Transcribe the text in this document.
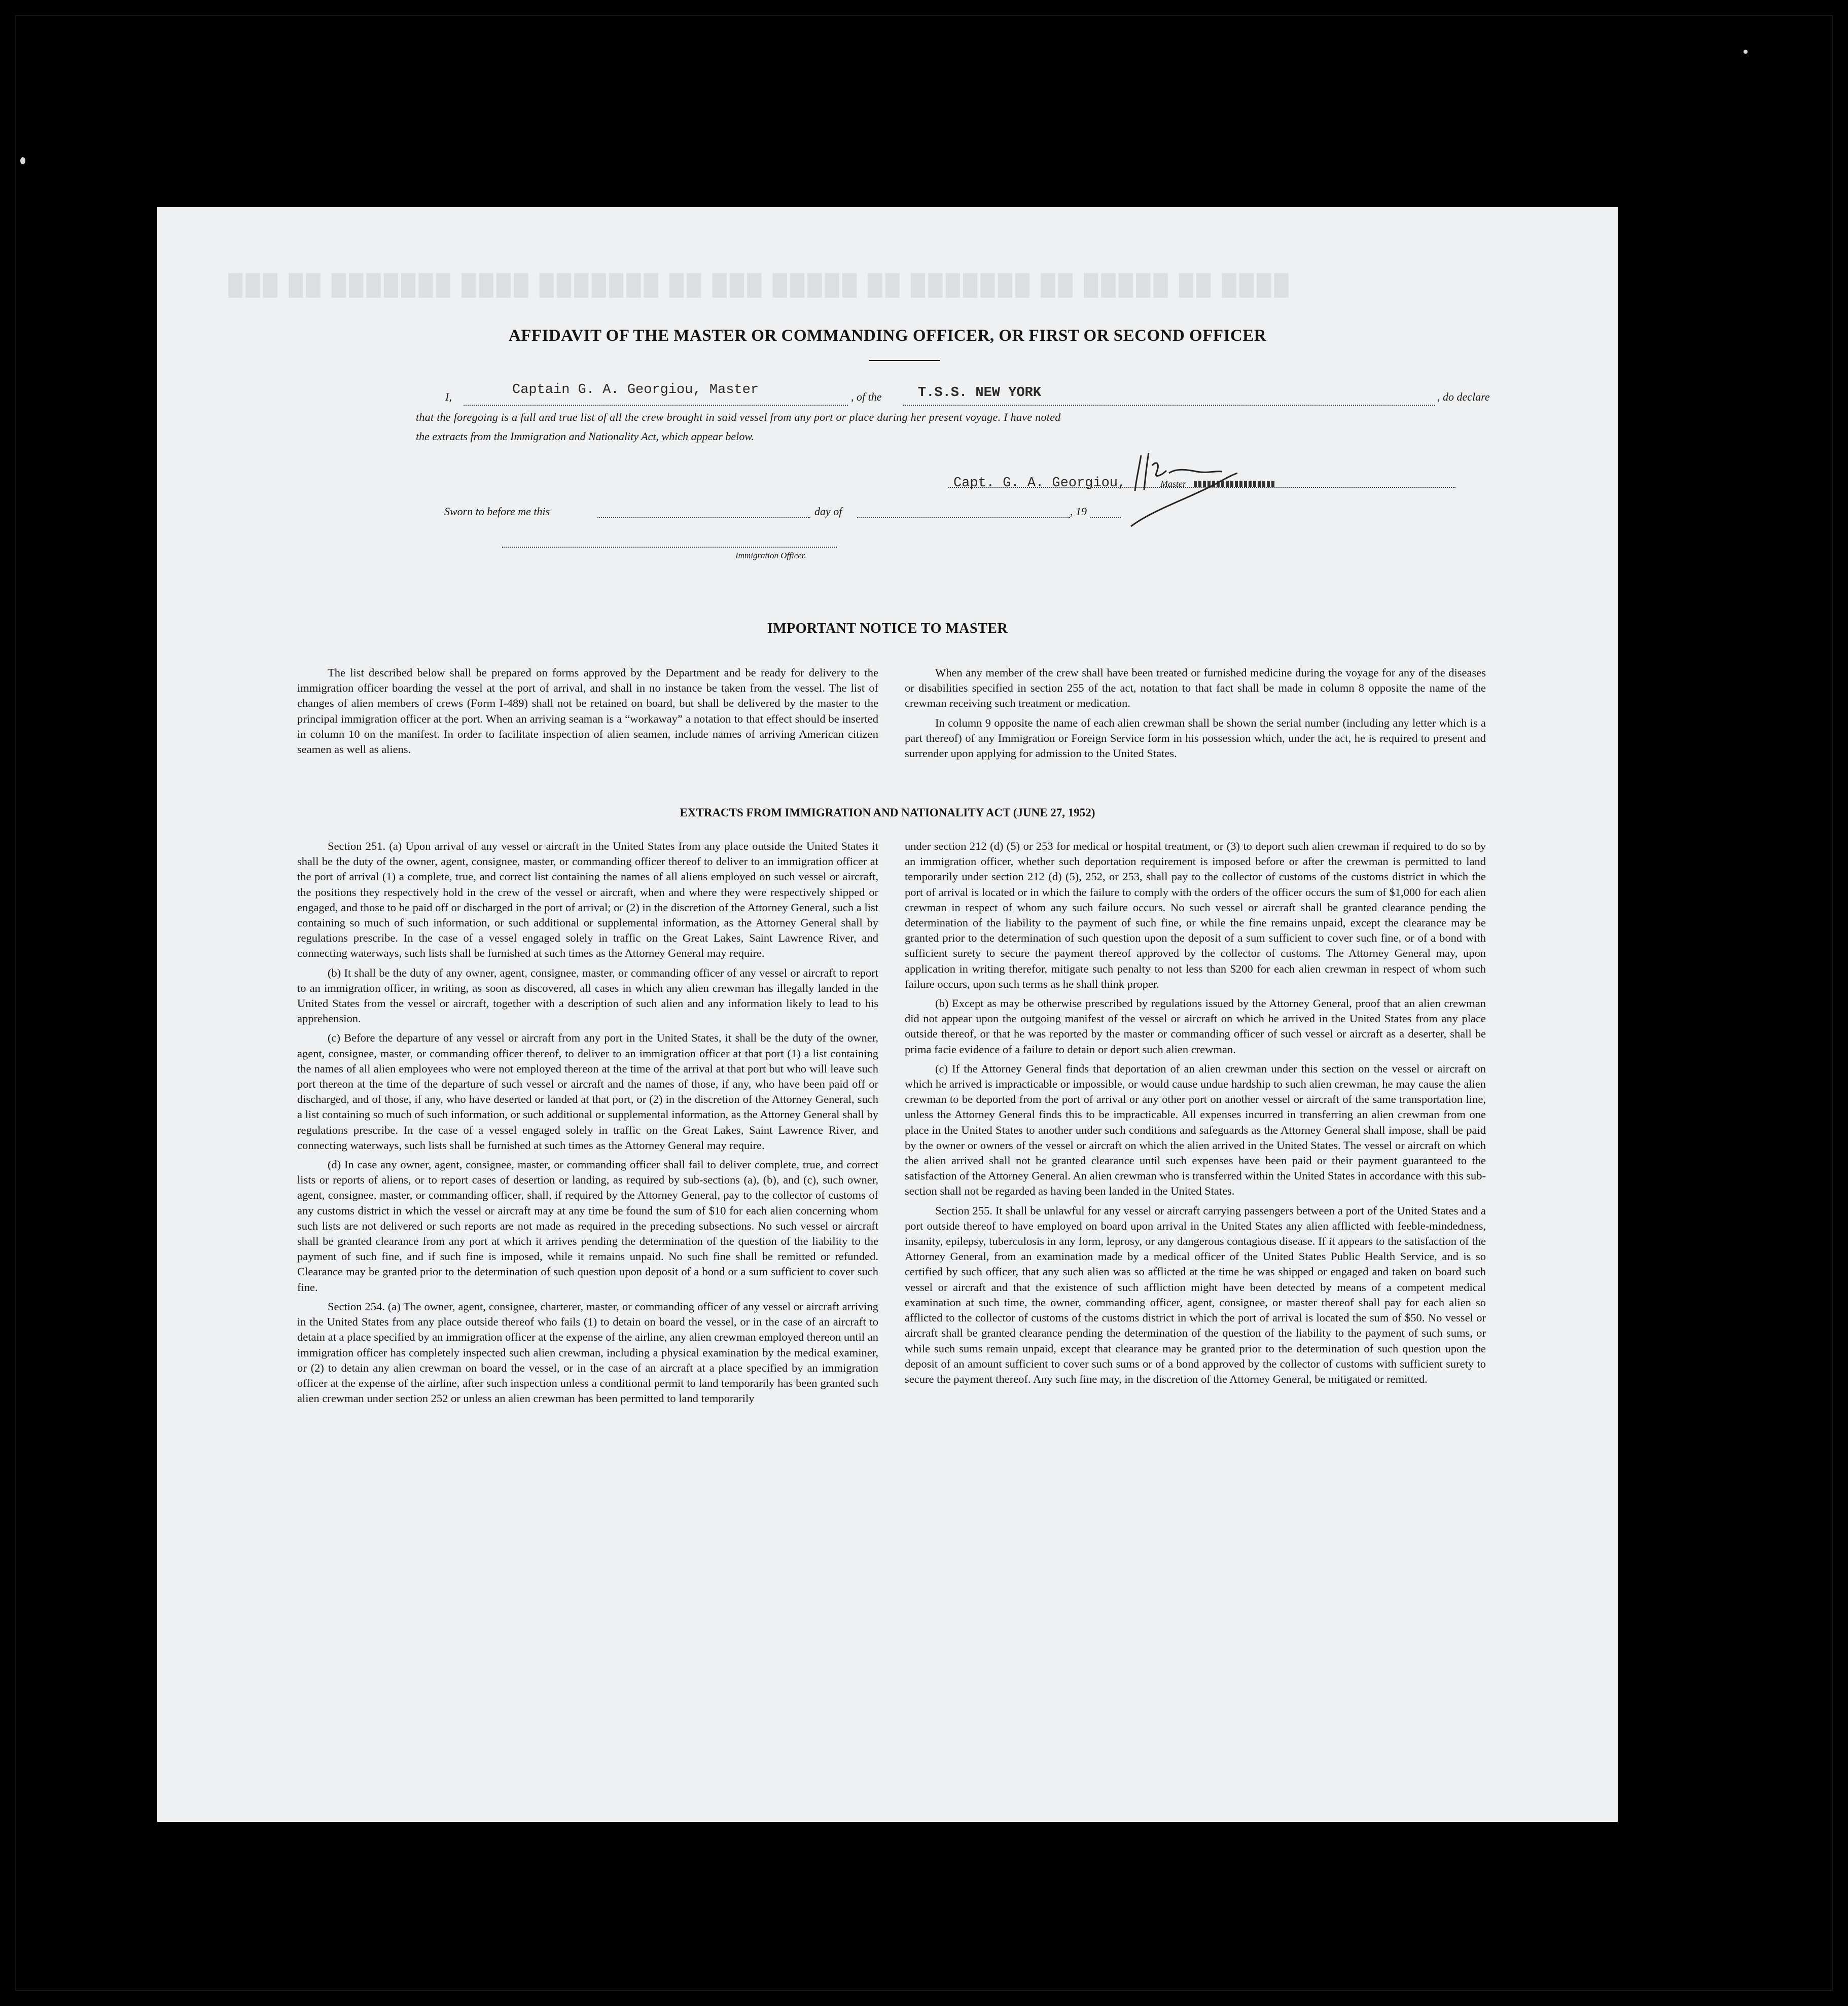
███ ██ ███████ ████ ███████ ██ ███ █████ ██ ███████ ██ █████ ██ ████
AFFIDAVIT OF THE MASTER OR COMMANDING OFFICER, OR FIRST OR SECOND OFFICER
I,	Captain G. A. Georgiou, Master	, of the	T.S.S. NEW YORK	, do declare
that the foregoing is a full and true list of all the crew brought in said vessel from any port or place during her present voyage. I have noted
the extracts from the Immigration and Nationality Act, which appear below.
Capt. G. A. Georgiou,	Master
Sworn to before me this	day of	, 19
Immigration Officer.
IMPORTANT NOTICE TO MASTER

The list described below shall be prepared on forms approved by the Department and be ready for delivery to the immigration officer boarding the vessel at the port of arrival, and shall in no instance be taken from the vessel. The list of changes of alien members of crews (Form I-489) shall not be retained on board, but shall be delivered by the master to the principal immigration officer at the port. When an arriving seaman is a “workaway” a notation to that effect should be inserted in column 10 on the manifest. In order to facilitate inspection of alien seamen, include names of arriving American citizen seamen as well as aliens.

When any member of the crew shall have been treated or furnished medicine during the voyage for any of the diseases or disabilities specified in section 255 of the act, notation to that fact shall be made in column 8 opposite the name of the crewman receiving such treatment or medication.

In column 9 opposite the name of each alien crewman shall be shown the serial number (including any letter which is a part thereof) of any Immigration or Foreign Service form in his possession which, under the act, he is required to present and surrender upon applying for admission to the United States.

EXTRACTS FROM IMMIGRATION AND NATIONALITY ACT (JUNE 27, 1952)

Section 251. (a) Upon arrival of any vessel or aircraft in the United States from any place outside the United States it shall be the duty of the owner, agent, consignee, master, or commanding officer thereof to deliver to an immigration officer at the port of arrival (1) a complete, true, and correct list containing the names of all aliens employed on such vessel or aircraft, the positions they respectively hold in the crew of the vessel or aircraft, when and where they were respectively shipped or engaged, and those to be paid off or discharged in the port of arrival; or (2) in the discretion of the Attorney General, such a list containing so much of such information, or such additional or supplemental information, as the Attorney General shall by regulations prescribe. In the case of a vessel engaged solely in traffic on the Great Lakes, Saint Lawrence River, and connecting waterways, such lists shall be furnished at such times as the Attorney General may require.

(b) It shall be the duty of any owner, agent, consignee, master, or commanding officer of any vessel or aircraft to report to an immigration officer, in writing, as soon as discovered, all cases in which any alien crewman has illegally landed in the United States from the vessel or aircraft, together with a description of such alien and any information likely to lead to his apprehension.

(c) Before the departure of any vessel or aircraft from any port in the United States, it shall be the duty of the owner, agent, consignee, master, or commanding officer thereof, to deliver to an immigration officer at that port (1) a list containing the names of all alien employees who were not employed thereon at the time of the arrival at that port but who will leave such port thereon at the time of the departure of such vessel or aircraft and the names of those, if any, who have been paid off or discharged, and of those, if any, who have deserted or landed at that port, or (2) in the discretion of the Attorney General, such a list containing so much of such information, or such additional or supplemental information, as the Attorney General shall by regulations prescribe. In the case of a vessel engaged solely in traffic on the Great Lakes, Saint Lawrence River, and connecting waterways, such lists shall be furnished at such times as the Attorney General may require.

(d) In case any owner, agent, consignee, master, or commanding officer shall fail to deliver complete, true, and correct lists or reports of aliens, or to report cases of desertion or landing, as required by sub-sections (a), (b), and (c), such owner, agent, consignee, master, or commanding officer, shall, if required by the Attorney General, pay to the collector of customs of any customs district in which the vessel or aircraft may at any time be found the sum of $10 for each alien concerning whom such lists are not delivered or such reports are not made as required in the preceding subsections. No such vessel or aircraft shall be granted clearance from any port at which it arrives pending the determination of the question of the liability to the payment of such fine, and if such fine is imposed, while it remains unpaid. No such fine shall be remitted or refunded. Clearance may be granted prior to the determination of such question upon deposit of a bond or a sum sufficient to cover such fine.

Section 254. (a) The owner, agent, consignee, charterer, master, or commanding officer of any vessel or aircraft arriving in the United States from any place outside thereof who fails (1) to detain on board the vessel, or in the case of an aircraft to detain at a place specified by an immigration officer at the expense of the airline, any alien crewman employed thereon until an immigration officer has completely inspected such alien crewman, including a physical examination by the medical examiner, or (2) to detain any alien crewman on board the vessel, or in the case of an aircraft at a place specified by an immigration officer at the expense of the airline, after such inspection unless a conditional permit to land temporarily has been granted such alien crewman under section 252 or unless an alien crewman has been permitted to land temporarily

under section 212 (d) (5) or 253 for medical or hospital treatment, or (3) to deport such alien crewman if required to do so by an immigration officer, whether such deportation requirement is imposed before or after the crewman is permitted to land temporarily under section 212 (d) (5), 252, or 253, shall pay to the collector of customs of the customs district in which the port of arrival is located or in which the failure to comply with the orders of the officer occurs the sum of $1,000 for each alien crewman in respect of whom any such failure occurs. No such vessel or aircraft shall be granted clearance pending the determination of the liability to the payment of such fine, or while the fine remains unpaid, except the clearance may be granted prior to the determination of such question upon the deposit of a sum sufficient to cover such fine, or of a bond with sufficient surety to secure the payment thereof approved by the collector of customs. The Attorney General may, upon application in writing therefor, mitigate such penalty to not less than $200 for each alien crewman in respect of whom such failure occurs, upon such terms as he shall think proper.

(b) Except as may be otherwise prescribed by regulations issued by the Attorney General, proof that an alien crewman did not appear upon the outgoing manifest of the vessel or aircraft on which he arrived in the United States from any place outside thereof, or that he was reported by the master or commanding officer of such vessel or aircraft as a deserter, shall be prima facie evidence of a failure to detain or deport such alien crewman.

(c) If the Attorney General finds that deportation of an alien crewman under this section on the vessel or aircraft on which he arrived is impracticable or impossible, or would cause undue hardship to such alien crewman, he may cause the alien crewman to be deported from the port of arrival or any other port on another vessel or aircraft of the same transportation line, unless the Attorney General finds this to be impracticable. All expenses incurred in transferring an alien crewman from one place in the United States to another under such conditions and safeguards as the Attorney General shall impose, shall be paid by the owner or owners of the vessel or aircraft on which the alien arrived in the United States. The vessel or aircraft on which the alien arrived shall not be granted clearance until such expenses have been paid or their payment guaranteed to the satisfaction of the Attorney General. An alien crewman who is transferred within the United States in accordance with this sub-section shall not be regarded as having been landed in the United States.

Section 255. It shall be unlawful for any vessel or aircraft carrying passengers between a port of the United States and a port outside thereof to have employed on board upon arrival in the United States any alien afflicted with feeble-mindedness, insanity, epilepsy, tuberculosis in any form, leprosy, or any dangerous contagious disease. If it appears to the satisfaction of the Attorney General, from an examination made by a medical officer of the United States Public Health Service, and is so certified by such officer, that any such alien was so afflicted at the time he was shipped or engaged and taken on board such vessel or aircraft and that the existence of such affliction might have been detected by means of a competent medical examination at such time, the owner, commanding officer, agent, consignee, or master thereof shall pay for each alien so afflicted to the collector of customs of the customs district in which the port of arrival is located the sum of $50. No vessel or aircraft shall be granted clearance pending the determination of the question of the liability to the payment of such sums, or while such sums remain unpaid, except that clearance may be granted prior to the determination of such question upon the deposit of an amount sufficient to cover such sums or of a bond approved by the collector of customs with sufficient surety to secure the payment thereof. Any such fine may, in the discretion of the Attorney General, be mitigated or remitted.
